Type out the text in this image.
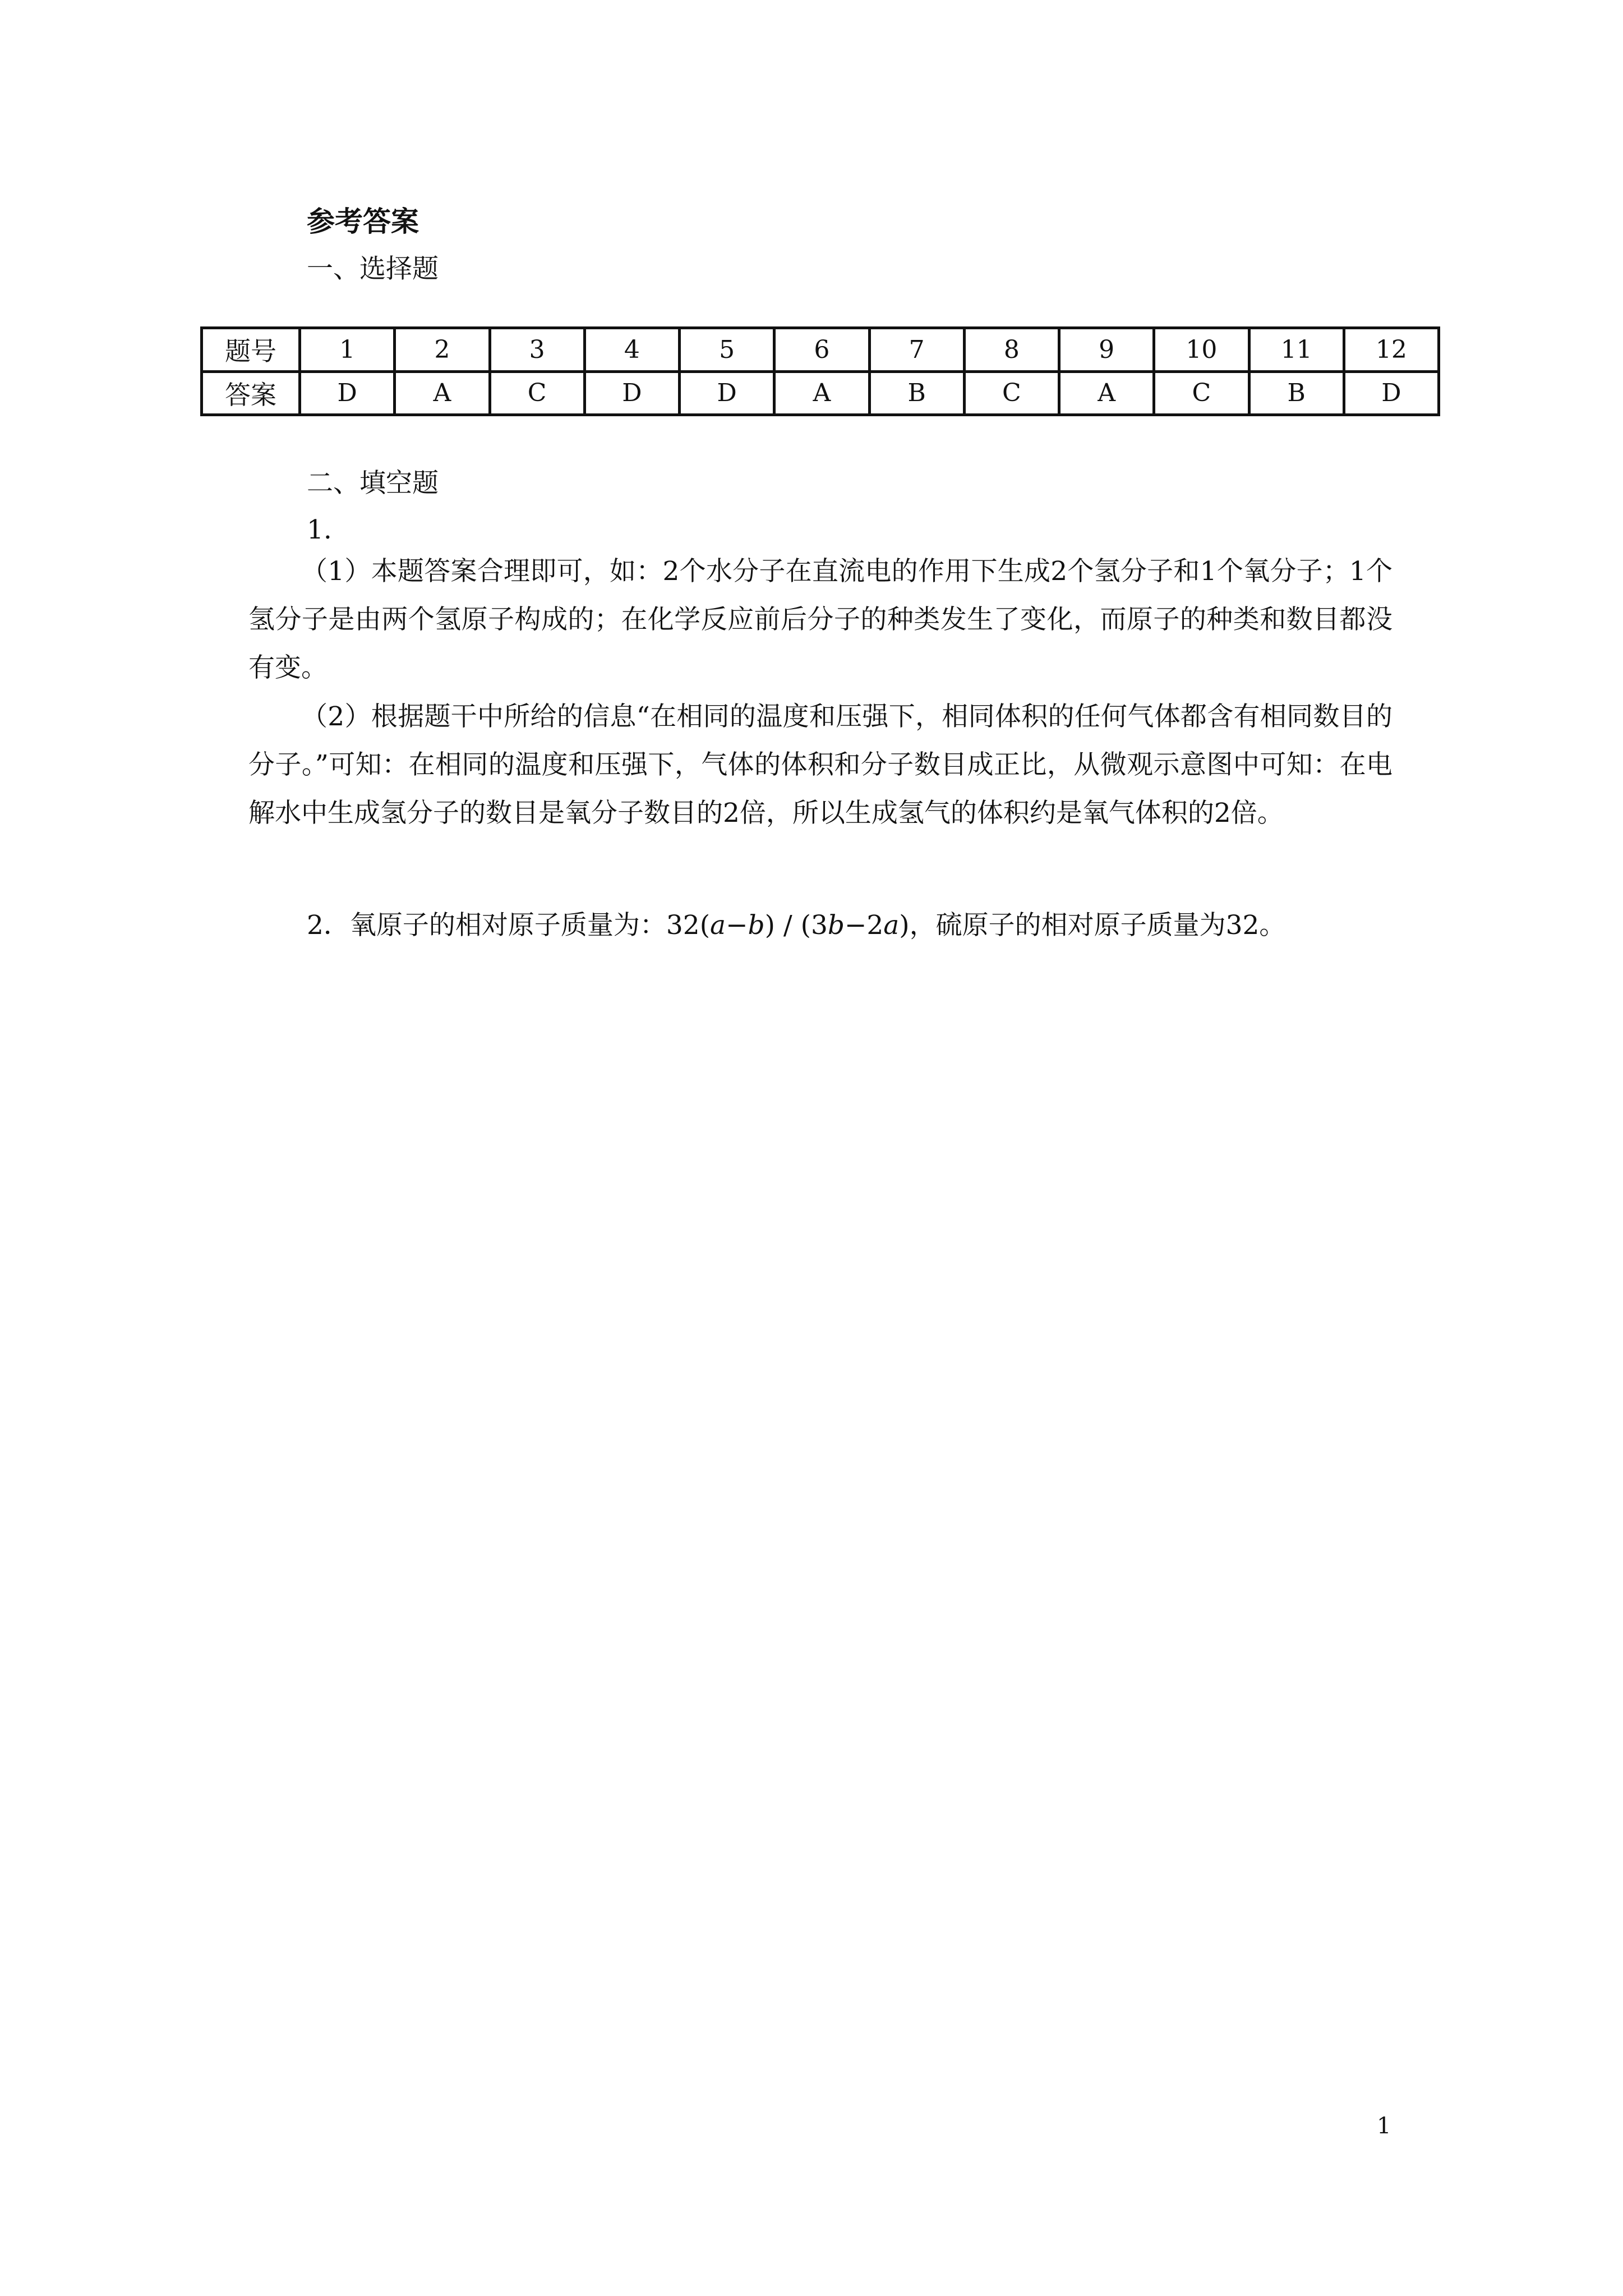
参考答案
一、选择题
题号	1	2	3	4	5	6	7	8	9	10	11	12
答案	D	A	C	D	D	A	B	C	A	C	B	D
二、填空题
1.

（1）本题答案合理即可，如：2个水分子在直流电的作用下生成2个氢分子和1个氧分子；1个氢分子是由两个氢原子构成的；在化学反应前后分子的种类发生了变化，而原子的种类和数目都没有变。

（2）根据题干中所给的信息“在相同的温度和压强下，相同体积的任何气体都含有相同数目的分子。”可知：在相同的温度和压强下，气体的体积和分子数目成正比，从微观示意图中可知：在电解水中生成氢分子的数目是氧分子数目的2倍，所以生成氢气的体积约是氧气体积的2倍。

2．氧原子的相对原子质量为：32(a−b) / (3b−2a)，硫原子的相对原子质量为32。
1
